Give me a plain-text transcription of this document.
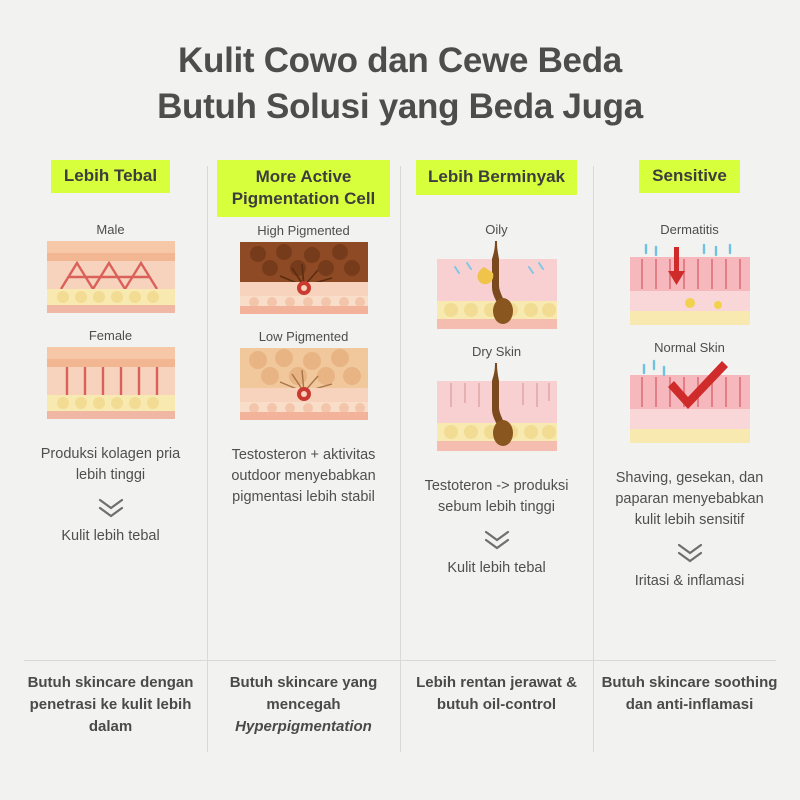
Kulit Cowo dan Cewe Beda
Butuh Solusi yang Beda Juga
Lebih Tebal
Male
Female
Produksi kolagen pria lebih tinggi
Kulit lebih tebal
More Active Pigmentation Cell
High Pigmented
Low Pigmented
Testosteron + aktivitas outdoor menyebabkan pigmentasi lebih stabil
Lebih Berminyak
Oily
Dry Skin
Testoteron -> produksi sebum lebih tinggi
Kulit lebih tebal
Sensitive
Dermatitis
Normal Skin
Shaving, gesekan, dan paparan menyebabkan kulit lebih sensitif
Iritasi & inflamasi
Butuh skincare dengan penetrasi ke kulit lebih dalam
Butuh skincare yang mencegah Hyperpigmentation
Lebih rentan jerawat & butuh oil-control
Butuh skincare soothing dan anti-inflamasi
